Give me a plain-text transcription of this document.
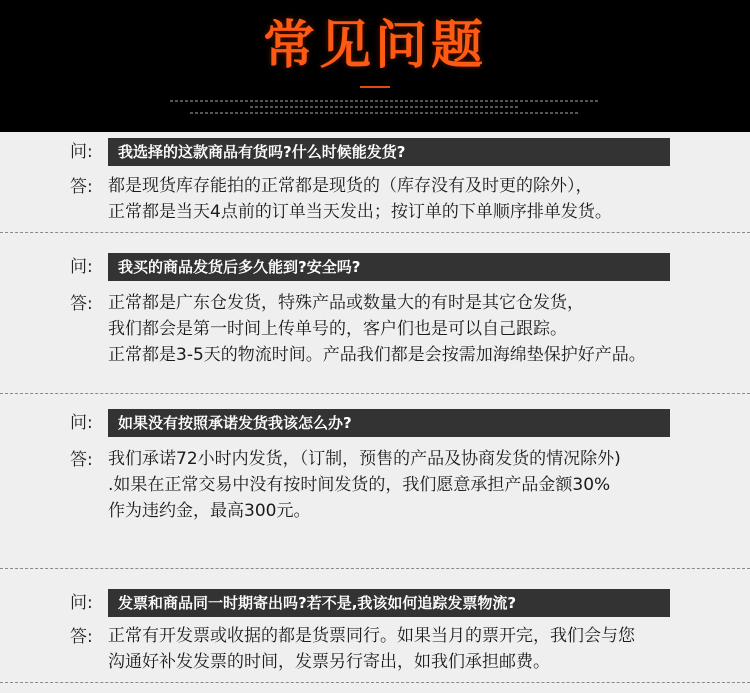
常见问题
问:	我选择的这款商品有货吗?什么时候能发货?
答: 都是现货库存能拍的正常都是现货的（库存没有及时更的除外），
正常都是当天4点前的订单当天发出；按订单的下单顺序排单发货。
问:	我买的商品发货后多久能到?安全吗?
答: 正常都是广东仓发货，特殊产品或数量大的有时是其它仓发货，
我们都会是第一时间上传单号的，客户们也是可以自己跟踪。
正常都是3-5天的物流时间。产品我们都是会按需加海绵垫保护好产品。
问:	如果没有按照承诺发货我该怎么办?
答: 我们承诺72小时内发货，（订制，预售的产品及协商发货的情况除外)
.如果在正常交易中没有按时间发货的，我们愿意承担产品金额30%
作为违约金，最高300元。
问:	发票和商品同一时期寄出吗?若不是,我该如何追踪发票物流?
答: 正常有开发票或收据的都是货票同行。如果当月的票开完，我们会与您
沟通好补发发票的时间，发票另行寄出，如我们承担邮费。
